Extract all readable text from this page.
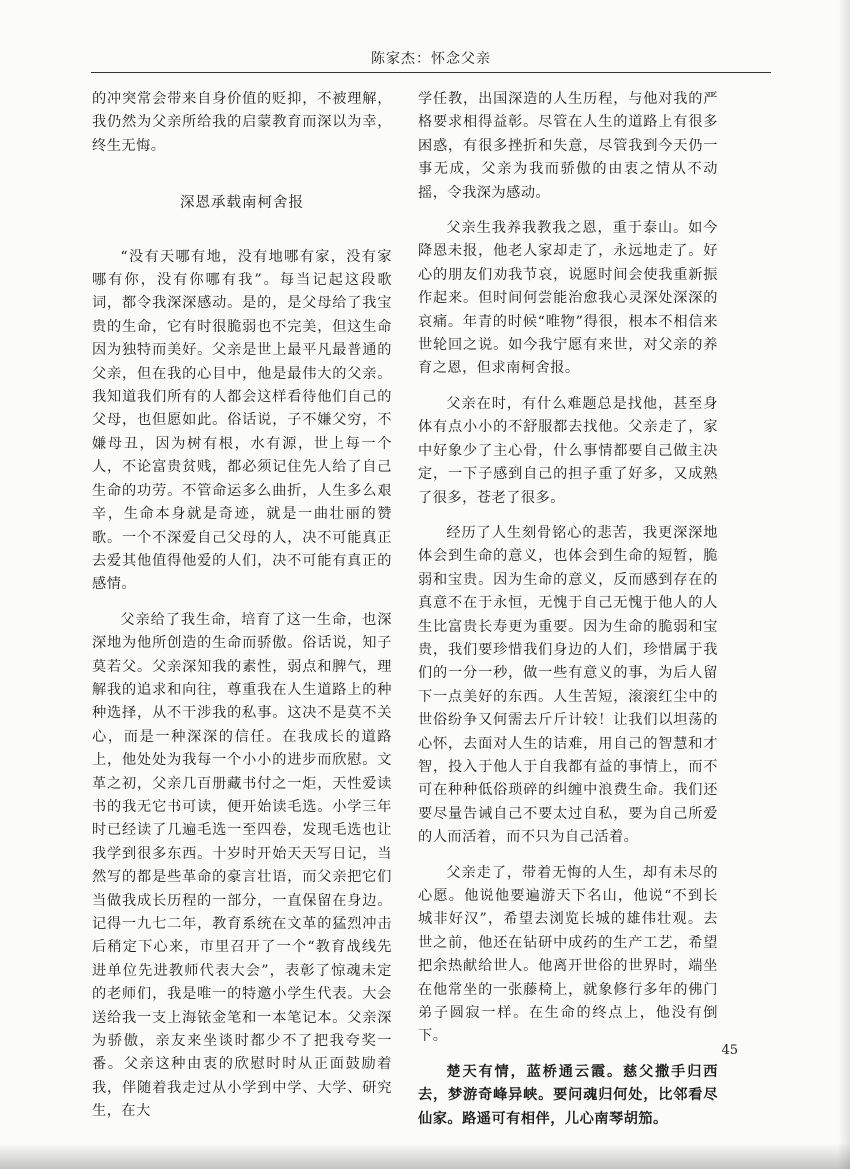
陈家杰：怀念父亲

的冲突常会带来自身价值的贬抑，不被理解，我仍然为父亲所给我的启蒙教育而深以为幸，终生无悔。

深恩承载南柯舍报

“没有天哪有地，没有地哪有家，没有家哪有你，没有你哪有我”。每当记起这段歌词，都令我深深感动。是的，是父母给了我宝贵的生命，它有时很脆弱也不完美，但这生命因为独特而美好。父亲是世上最平凡最普通的父亲，但在我的心目中，他是最伟大的父亲。我知道我们所有的人都会这样看待他们自己的父母，也但愿如此。俗话说，子不嫌父穷，不嫌母丑，因为树有根，水有源，世上每一个人，不论富贵贫贱，都必须记住先人给了自己生命的功劳。不管命运多么曲折，人生多么艰辛，生命本身就是奇迹，就是一曲壮丽的赞歌。一个不深爱自己父母的人，决不可能真正去爱其他值得他爱的人们，决不可能有真正的感情。

父亲给了我生命，培育了这一生命，也深深地为他所创造的生命而骄傲。俗话说，知子莫若父。父亲深知我的素性，弱点和脾气，理解我的追求和向往，尊重我在人生道路上的种种选择，从不干涉我的私事。这决不是莫不关心，而是一种深深的信任。在我成长的道路上，他处处为我每一个小小的进步而欣慰。文革之初，父亲几百册藏书付之一炬，天性爱读书的我无它书可读，便开始读毛选。小学三年时已经读了几遍毛选一至四卷，发现毛选也让我学到很多东西。十岁时开始天天写日记，当然写的都是些革命的豪言壮语，而父亲把它们当做我成长历程的一部分，一直保留在身边。记得一九七二年，教育系统在文革的猛烈冲击后稍定下心来，市里召开了一个“教育战线先进单位先进教师代表大会”，表彰了惊魂未定的老师们，我是唯一的特邀小学生代表。大会送给我一支上海铱金笔和一本笔记本。父亲深为骄傲，亲友来坐谈时都少不了把我夸奖一番。父亲这种由衷的欣慰时时从正面鼓励着我，伴随着我走过从小学到中学、大学、研究生，在大

学任教，出国深造的人生历程，与他对我的严格要求相得益彰。尽管在人生的道路上有很多困惑，有很多挫折和失意，尽管我到今天仍一事无成，父亲为我而骄傲的由衷之情从不动摇，令我深为感动。

父亲生我养我教我之恩，重于泰山。如今降恩未报，他老人家却走了，永远地走了。好心的朋友们劝我节哀，说愿时间会使我重新振作起来。但时间何尝能治愈我心灵深处深深的哀痛。年青的时候“唯物”得很，根本不相信来世轮回之说。如今我宁愿有来世，对父亲的养育之恩，但求南柯舍报。

父亲在时，有什么难题总是找他，甚至身体有点小小的不舒服都去找他。父亲走了，家中好象少了主心骨，什么事情都要自己做主决定，一下子感到自己的担子重了好多，又成熟了很多，苍老了很多。

经历了人生刻骨铭心的悲苦，我更深深地体会到生命的意义，也体会到生命的短暂，脆弱和宝贵。因为生命的意义，反而感到存在的真意不在于永恒，无愧于自己无愧于他人的人生比富贵长寿更为重要。因为生命的脆弱和宝贵，我们要珍惜我们身边的人们，珍惜属于我们的一分一秒，做一些有意义的事，为后人留下一点美好的东西。人生苦短，滚滚红尘中的世俗纷争又何需去斤斤计较！让我们以坦荡的心怀，去面对人生的诘难，用自己的智慧和才智，投入于他人于自我都有益的事情上，而不可在种种低俗琐碎的纠缠中浪费生命。我们还要尽量告诫自己不要太过自私，要为自己所爱的人而活着，而不只为自己活着。

父亲走了，带着无悔的人生，却有未尽的心愿。他说他要遍游天下名山，他说“不到长城非好汉”，希望去浏览长城的雄伟壮观。去世之前，他还在钻研中成药的生产工艺，希望把余热献给世人。他离开世俗的世界时，端坐在他常坐的一张藤椅上，就象修行多年的佛门弟子圆寂一样。在生命的终点上，他没有倒下。

楚天有情，蓝桥通云霞。慈父撒手归西去，梦游奇峰异峡。要问魂归何处，比邻看尽仙家。路遥可有相伴，儿心南琴胡笳。

45
